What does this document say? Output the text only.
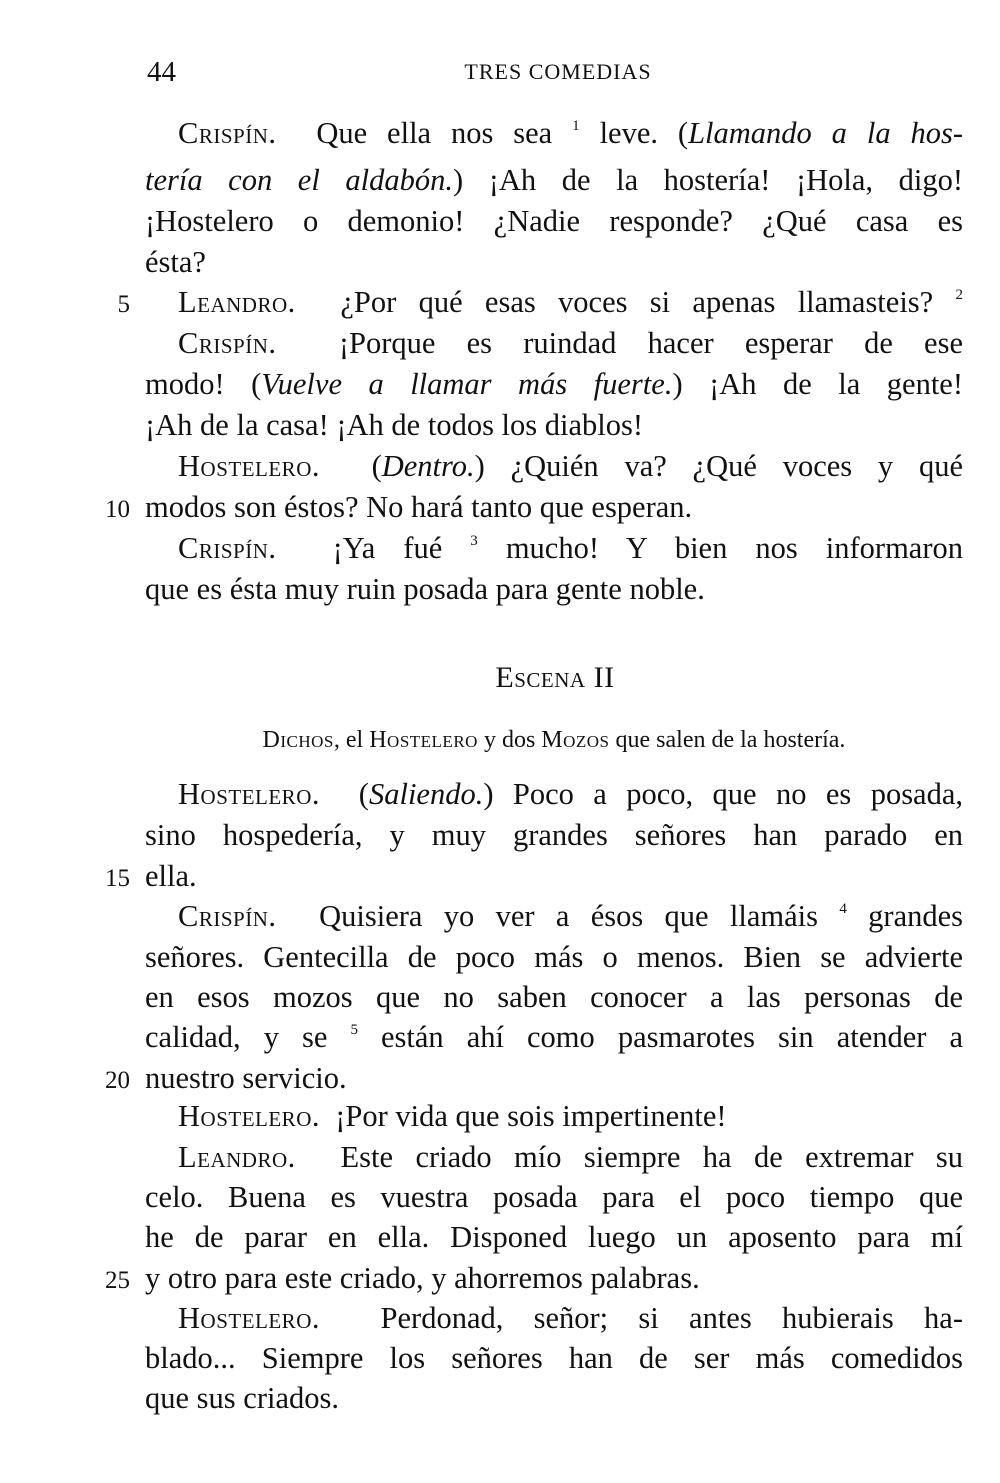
44	TRES COMEDIAS
Crispín. Que ella nos sea $^1$ leve. (Llamando a la hos-
tería con el aldabón.) ¡Ah de la hostería! ¡Hola, digo!
¡Hostelero o demonio! ¿Nadie responde? ¿Qué casa es
ésta?
5 Leandro. ¿Por qué esas voces si apenas llamasteis? $^2$
Crispín. ¡Porque es ruindad hacer esperar de ese
modo! (Vuelve a llamar más fuerte.) ¡Ah de la gente!
¡Ah de la casa! ¡Ah de todos los diablos!
Hostelero. (Dentro.) ¿Quién va? ¿Qué voces y qué
10 modos son éstos? No hará tanto que esperan.
Crispín. ¡Ya fué $^3$ mucho! Y bien nos informaron
que es ésta muy ruin posada para gente noble.
Escena II
Dichos, el Hostelero y dos Mozos que salen de la hostería.
Hostelero. (Saliendo.) Poco a poco, que no es posada,
sino hospedería, y muy grandes señores han parado en
15 ella.
Crispín. Quisiera yo ver a ésos que llamáis $^4$ grandes
señores. Gentecilla de poco más o menos. Bien se advierte
en esos mozos que no saben conocer a las personas de
calidad, y se $^5$ están ahí como pasmarotes sin atender a
20 nuestro servicio.
Hostelero. ¡Por vida que sois impertinente!
Leandro. Este criado mío siempre ha de extremar su
celo. Buena es vuestra posada para el poco tiempo que
he de parar en ella. Disponed luego un aposento para mí
25 y otro para este criado, y ahorremos palabras.
Hostelero. Perdonad, señor; si antes hubierais ha-
blado... Siempre los señores han de ser más comedidos
que sus criados.
